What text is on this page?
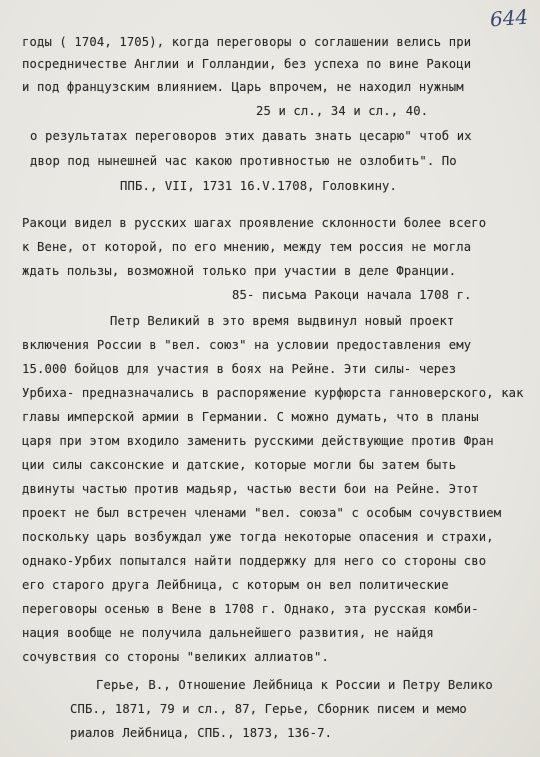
644
годы ( 1704, 1705), когда переговоры о соглашении велись при
посредничестве Англии и Голландии, без успеха по вине Ракоци
и под французским влиянием. Царь впрочем, не находил нужным
25 и сл., 34 и сл., 40.
о результатах переговоров этих давать знать цесарю" чтоб их
двор под нынешней час какою противностью не озлобить". По
ППБ., VII, 1731 16.V.1708, Головкину.
Ракоци видел в русских шагах проявление склонности более всего
к Вене, от которой, по его мнению, между тем россия не могла
ждать пользы, возможной только при участии в деле Франции.
85- письма Ракоци начала 1708 г.
Петр Великий в это время выдвинул новый проект
включения России в "вел. союз" на условии предоставления ему
15.000 бойцов для участия в боях на Рейне. Эти силы- через
Урбиха- предназначались в распоряжение курфюрста ганноверского, как
главы имперской армии в Германии. С можно думать, что в планы
царя при этом входило заменить русскими действующие против Фран
ции силы саксонские и датские, которые могли бы затем быть
двинуты частью против мадьяр, частью вести бои на Рейне. Этот
проект не был встречен членами "вел. союза" с особым сочувствием
поскольку царь возбуждал уже тогда некоторые опасения и страхи,
однако-Урбих попытался найти поддержку для него со стороны сво
его старого друга Лейбница, с которым он вел политические
переговоры осенью в Вене в 1708 г. Однако, эта русская комби-
нация вообще не получила дальнейшего развития, не найдя
сочувствия со стороны "великих аллиатов".
Герье, В., Отношение Лейбница к России и Петру Велико
СПБ., 1871, 79 и сл., 87, Герье, Сборник писем и мемо
риалов Лейбница, СПБ., 1873, 136-7.
